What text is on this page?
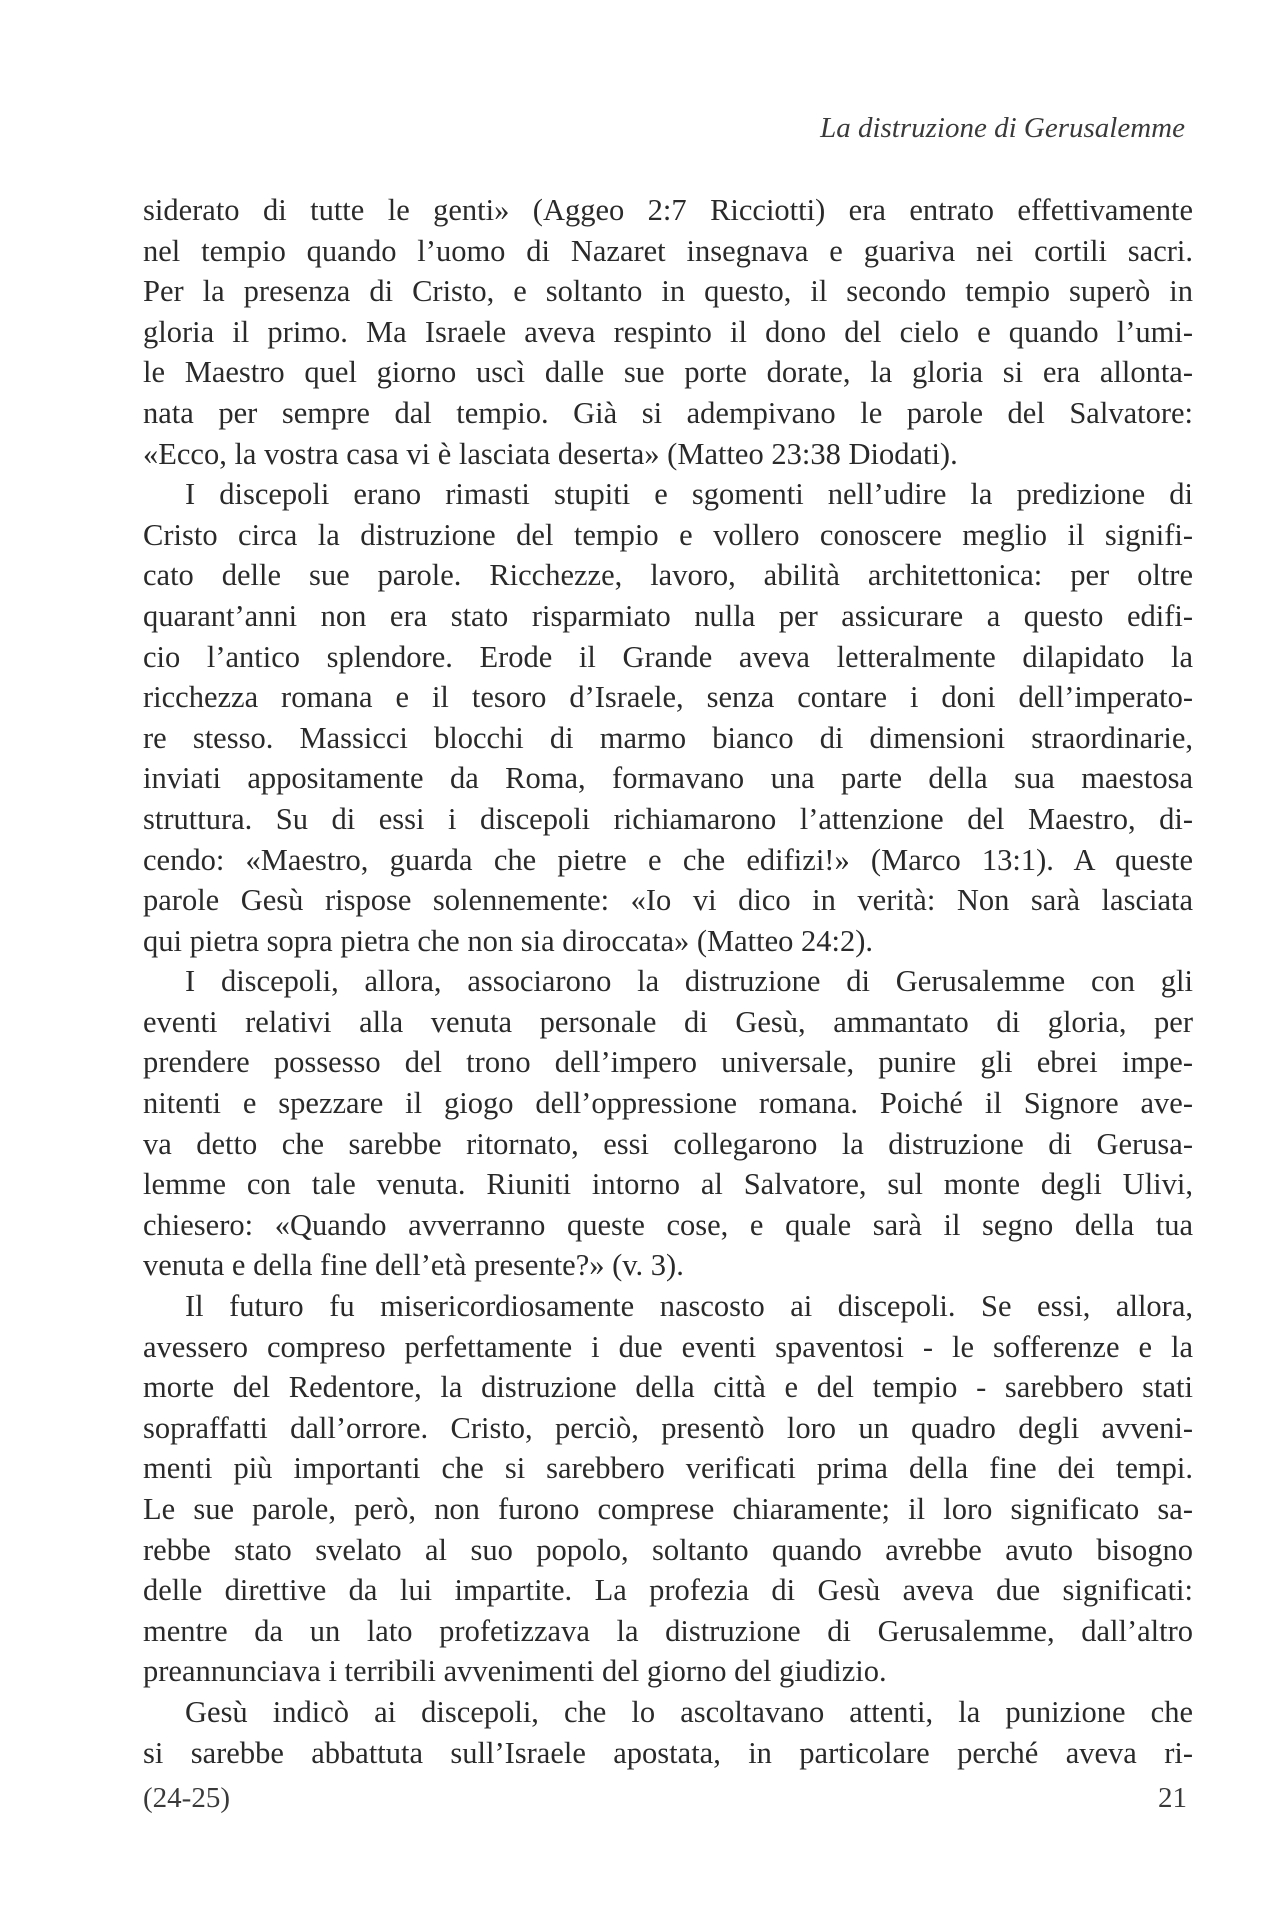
La distruzione di Gerusalemme
siderato di tutte le genti» (Aggeo 2:7 Ricciotti) era entrato effettivamente
nel tempio quando l’uomo di Nazaret insegnava e guariva nei cortili sacri.
Per la presenza di Cristo, e soltanto in questo, il secondo tempio superò in
gloria il primo. Ma Israele aveva respinto il dono del cielo e quando l’umi-
le Maestro quel giorno uscì dalle sue porte dorate, la gloria si era allonta-
nata per sempre dal tempio. Già si adempivano le parole del Salvatore:
«Ecco, la vostra casa vi è lasciata deserta» (Matteo 23:38 Diodati).
I discepoli erano rimasti stupiti e sgomenti nell’udire la predizione di
Cristo circa la distruzione del tempio e vollero conoscere meglio il signifi-
cato delle sue parole. Ricchezze, lavoro, abilità architettonica: per oltre
quarant’anni non era stato risparmiato nulla per assicurare a questo edifi-
cio l’antico splendore. Erode il Grande aveva letteralmente dilapidato la
ricchezza romana e il tesoro d’Israele, senza contare i doni dell’imperato-
re stesso. Massicci blocchi di marmo bianco di dimensioni straordinarie,
inviati appositamente da Roma, formavano una parte della sua maestosa
struttura. Su di essi i discepoli richiamarono l’attenzione del Maestro, di-
cendo: «Maestro, guarda che pietre e che edifizi!» (Marco 13:1). A queste
parole Gesù rispose solennemente: «Io vi dico in verità: Non sarà lasciata
qui pietra sopra pietra che non sia diroccata» (Matteo 24:2).
I discepoli, allora, associarono la distruzione di Gerusalemme con gli
eventi relativi alla venuta personale di Gesù, ammantato di gloria, per
prendere possesso del trono dell’impero universale, punire gli ebrei impe-
nitenti e spezzare il giogo dell’oppressione romana. Poiché il Signore ave-
va detto che sarebbe ritornato, essi collegarono la distruzione di Gerusa-
lemme con tale venuta. Riuniti intorno al Salvatore, sul monte degli Ulivi,
chiesero: «Quando avverranno queste cose, e quale sarà il segno della tua
venuta e della fine dell’età presente?» (v. 3).
Il futuro fu misericordiosamente nascosto ai discepoli. Se essi, allora,
avessero compreso perfettamente i due eventi spaventosi - le sofferenze e la
morte del Redentore, la distruzione della città e del tempio - sarebbero stati
sopraffatti dall’orrore. Cristo, perciò, presentò loro un quadro degli avveni-
menti più importanti che si sarebbero verificati prima della fine dei tempi.
Le sue parole, però, non furono comprese chiaramente; il loro significato sa-
rebbe stato svelato al suo popolo, soltanto quando avrebbe avuto bisogno
delle direttive da lui impartite. La profezia di Gesù aveva due significati:
mentre da un lato profetizzava la distruzione di Gerusalemme, dall’altro
preannunciava i terribili avvenimenti del giorno del giudizio.
Gesù indicò ai discepoli, che lo ascoltavano attenti, la punizione che
si sarebbe abbattuta sull’Israele apostata, in particolare perché aveva ri-
(24-25)	21
